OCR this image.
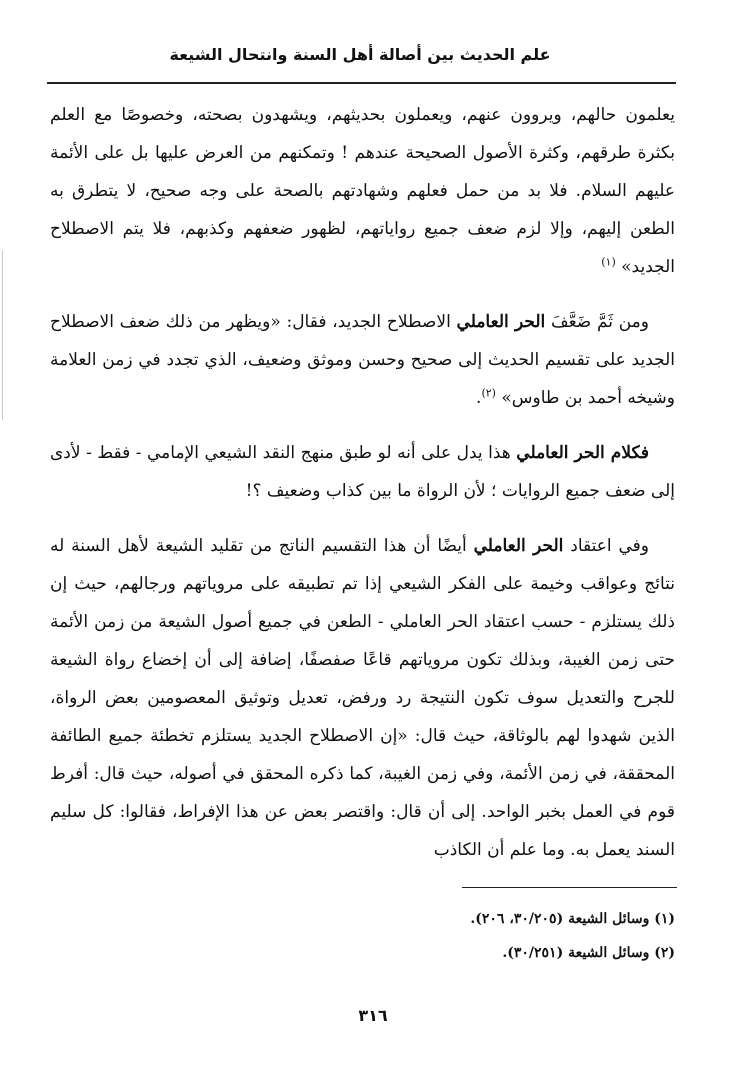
علم الحديث بين أصالة أهل السنة وانتحال الشيعة

يعلمون حالهم، ويروون عنهم، ويعملون بحديثهم، ويشهدون بصحته، وخصوصًا مع العلم بكثرة طرقهم، وكثرة الأصول الصحيحة عندهم ! وتمكنهم من العرض عليها بل على الأئمة عليهم السلام. فلا بد من حمل فعلهم وشهادتهم بالصحة على وجه صحيح، لا يتطرق به الطعن إليهم، وإلا لزم ضعف جميع رواياتهم، لظهور ضعفهم وكذبهم، فلا يتم الاصطلاح الجديد» $^{(١)}$

ومن ثَمَّ ضَعَّفَ الحر العاملي الاصطلاح الجديد، فقال: «ويظهر من ذلك ضعف الاصطلاح الجديد على تقسيم الحديث إلى صحيح وحسن وموثق وضعيف، الذي تجدد في زمن العلامة وشيخه أحمد بن طاوس» $^{(٢)}$.

فكلام الحر العاملي هذا يدل على أنه لو طبق منهج النقد الشيعي الإمامي - فقط - لأدى إلى ضعف جميع الروايات ؛ لأن الرواة ما بين كذاب وضعيف ؟!

وفي اعتقاد الحر العاملي أيضًا أن هذا التقسيم الناتج من تقليد الشيعة لأهل السنة له نتائج وعواقب وخيمة على الفكر الشيعي إذا تم تطبيقه على مروياتهم ورجالهم، حيث إن ذلك يستلزم - حسب اعتقاد الحر العاملي - الطعن في جميع أصول الشيعة من زمن الأئمة حتى زمن الغيبة، وبذلك تكون مروياتهم قاعًا صفصفًا، إضافة إلى أن إخضاع رواة الشيعة للجرح والتعديل سوف تكون النتيجة رد ورفض، تعديل وتوثيق المعصومين بعض الرواة، الذين شهدوا لهم بالوثاقة، حيث قال: «إن الاصطلاح الجديد يستلزم تخطئة جميع الطائفة المحققة، في زمن الأئمة، وفي زمن الغيبة، كما ذكره المحقق في أصوله، حيث قال: أفرط قوم في العمل بخبر الواحد. إلى أن قال: واقتصر بعض عن هذا الإفراط، فقالوا: كل سليم السند يعمل به. وما علم أن الكاذب

(١) وسائل الشيعة (٣٠/٢٠٥، ٢٠٦).

(٢) وسائل الشيعة (٣٠/٢٥١).

٣١٦
